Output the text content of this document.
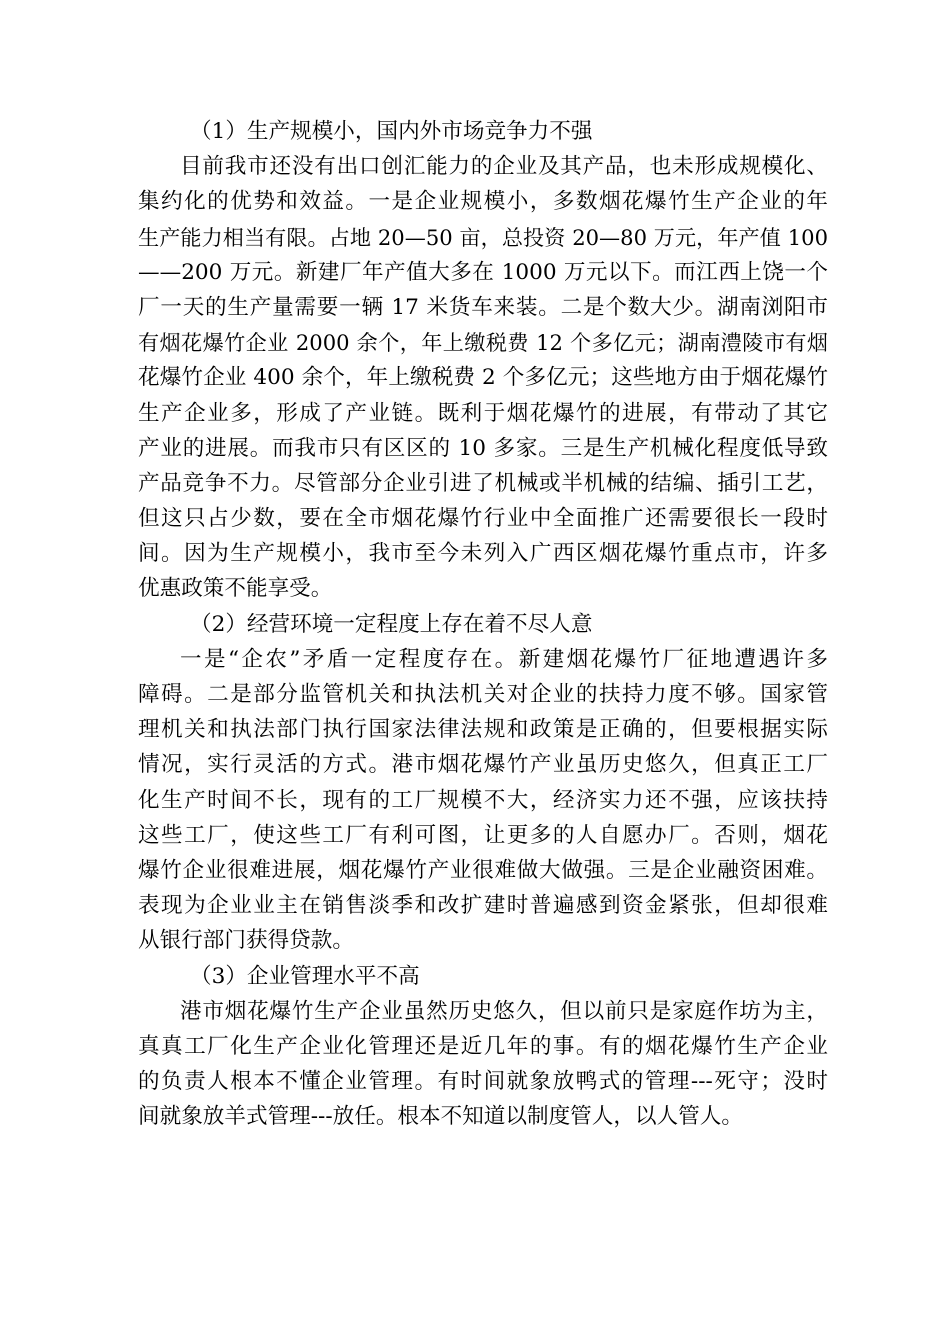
（1）生产规模小，国内外市场竞争力不强
目前我市还没有出口创汇能力的企业及其产品，也未形成规模化、
集约化的优势和效益。一是企业规模小，多数烟花爆竹生产企业的年
生产能力相当有限。占地 20—50 亩，总投资 20—80 万元，年产值 100
——200 万元。新建厂年产值大多在 1000 万元以下。而江西上饶一个
厂一天的生产量需要一辆 17 米货车来装。二是个数大少。湖南浏阳市
有烟花爆竹企业 2000 余个，年上缴税费 12 个多亿元；湖南澧陵市有烟
花爆竹企业 400 余个，年上缴税费 2 个多亿元；这些地方由于烟花爆竹
生产企业多，形成了产业链。既利于烟花爆竹的进展，有带动了其它
产业的进展。而我市只有区区的 10 多家。三是生产机械化程度低导致
产品竞争不力。尽管部分企业引进了机械或半机械的结编、插引工艺，
但这只占少数，要在全市烟花爆竹行业中全面推广还需要很长一段时
间。因为生产规模小，我市至今未列入广西区烟花爆竹重点市，许多
优惠政策不能享受。
（2）经营环境一定程度上存在着不尽人意
一是“企农”矛盾一定程度存在。新建烟花爆竹厂征地遭遇许多
障碍。二是部分监管机关和执法机关对企业的扶持力度不够。国家管
理机关和执法部门执行国家法律法规和政策是正确的，但要根据实际
情况，实行灵活的方式。港市烟花爆竹产业虽历史悠久，但真正工厂
化生产时间不长，现有的工厂规模不大，经济实力还不强，应该扶持
这些工厂，使这些工厂有利可图，让更多的人自愿办厂。否则，烟花
爆竹企业很难进展，烟花爆竹产业很难做大做强。三是企业融资困难。
表现为企业业主在销售淡季和改扩建时普遍感到资金紧张，但却很难
从银行部门获得贷款。
（3）企业管理水平不高
港市烟花爆竹生产企业虽然历史悠久，但以前只是家庭作坊为主，
真真工厂化生产企业化管理还是近几年的事。有的烟花爆竹生产企业
的负责人根本不懂企业管理。有时间就象放鸭式的管理---死守；没时
间就象放羊式管理---放任。根本不知道以制度管人，以人管人。
